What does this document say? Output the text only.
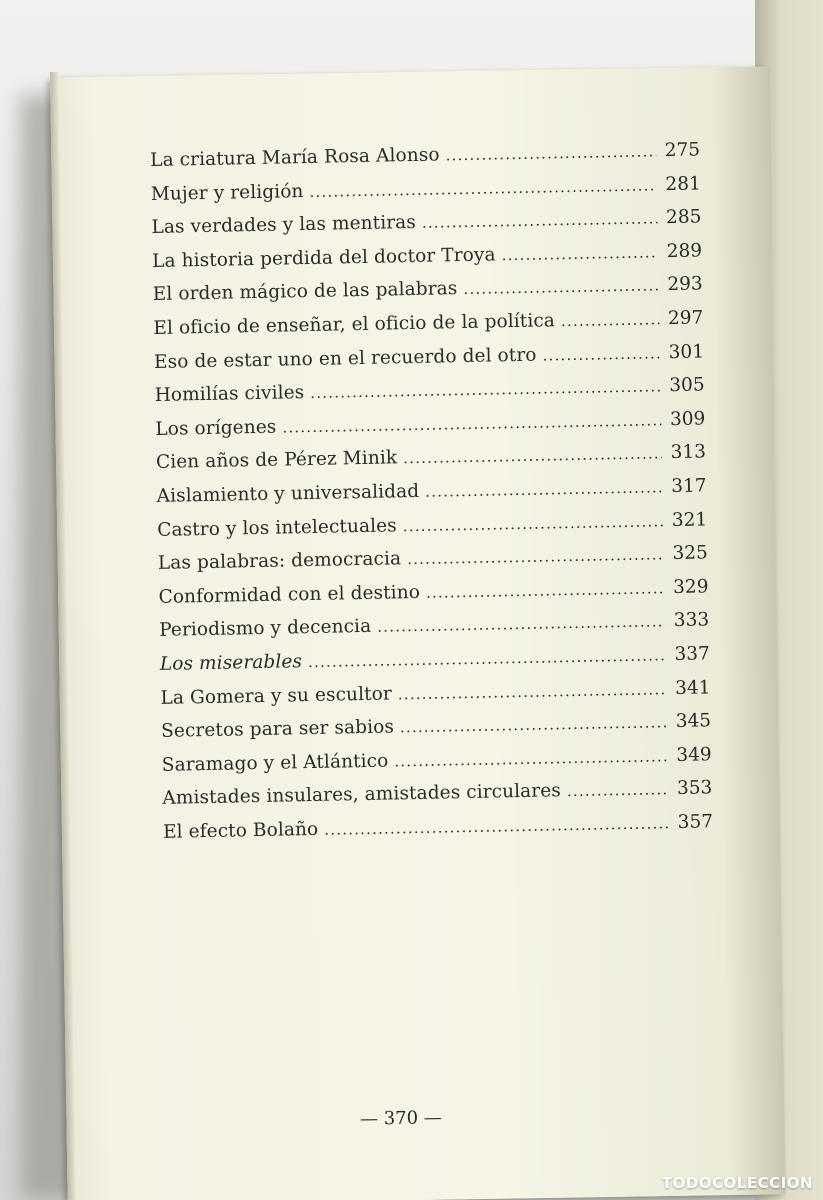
La criatura María Rosa Alonso .....	275
Mujer y religión .....	281
Las verdades y las mentiras .....	285
La historia perdida del doctor Troya .....	289
El orden mágico de las palabras .....	293
El oficio de enseñar, el oficio de la política .....	297
Eso de estar uno en el recuerdo del otro .....	301
Homilías civiles .....	305
Los orígenes .....	309
Cien años de Pérez Minik .....	313
Aislamiento y universalidad .....	317
Castro y los intelectuales .....	321
Las palabras: democracia .....	325
Conformidad con el destino .....	329
Periodismo y decencia .....	333
Los miserables .....	337
La Gomera y su escultor .....	341
Secretos para ser sabios .....	345
Saramago y el Atlántico .....	349
Amistades insulares, amistades circulares .....	353
El efecto Bolaño .....	357
— 370 —
TODOCOLECCION
